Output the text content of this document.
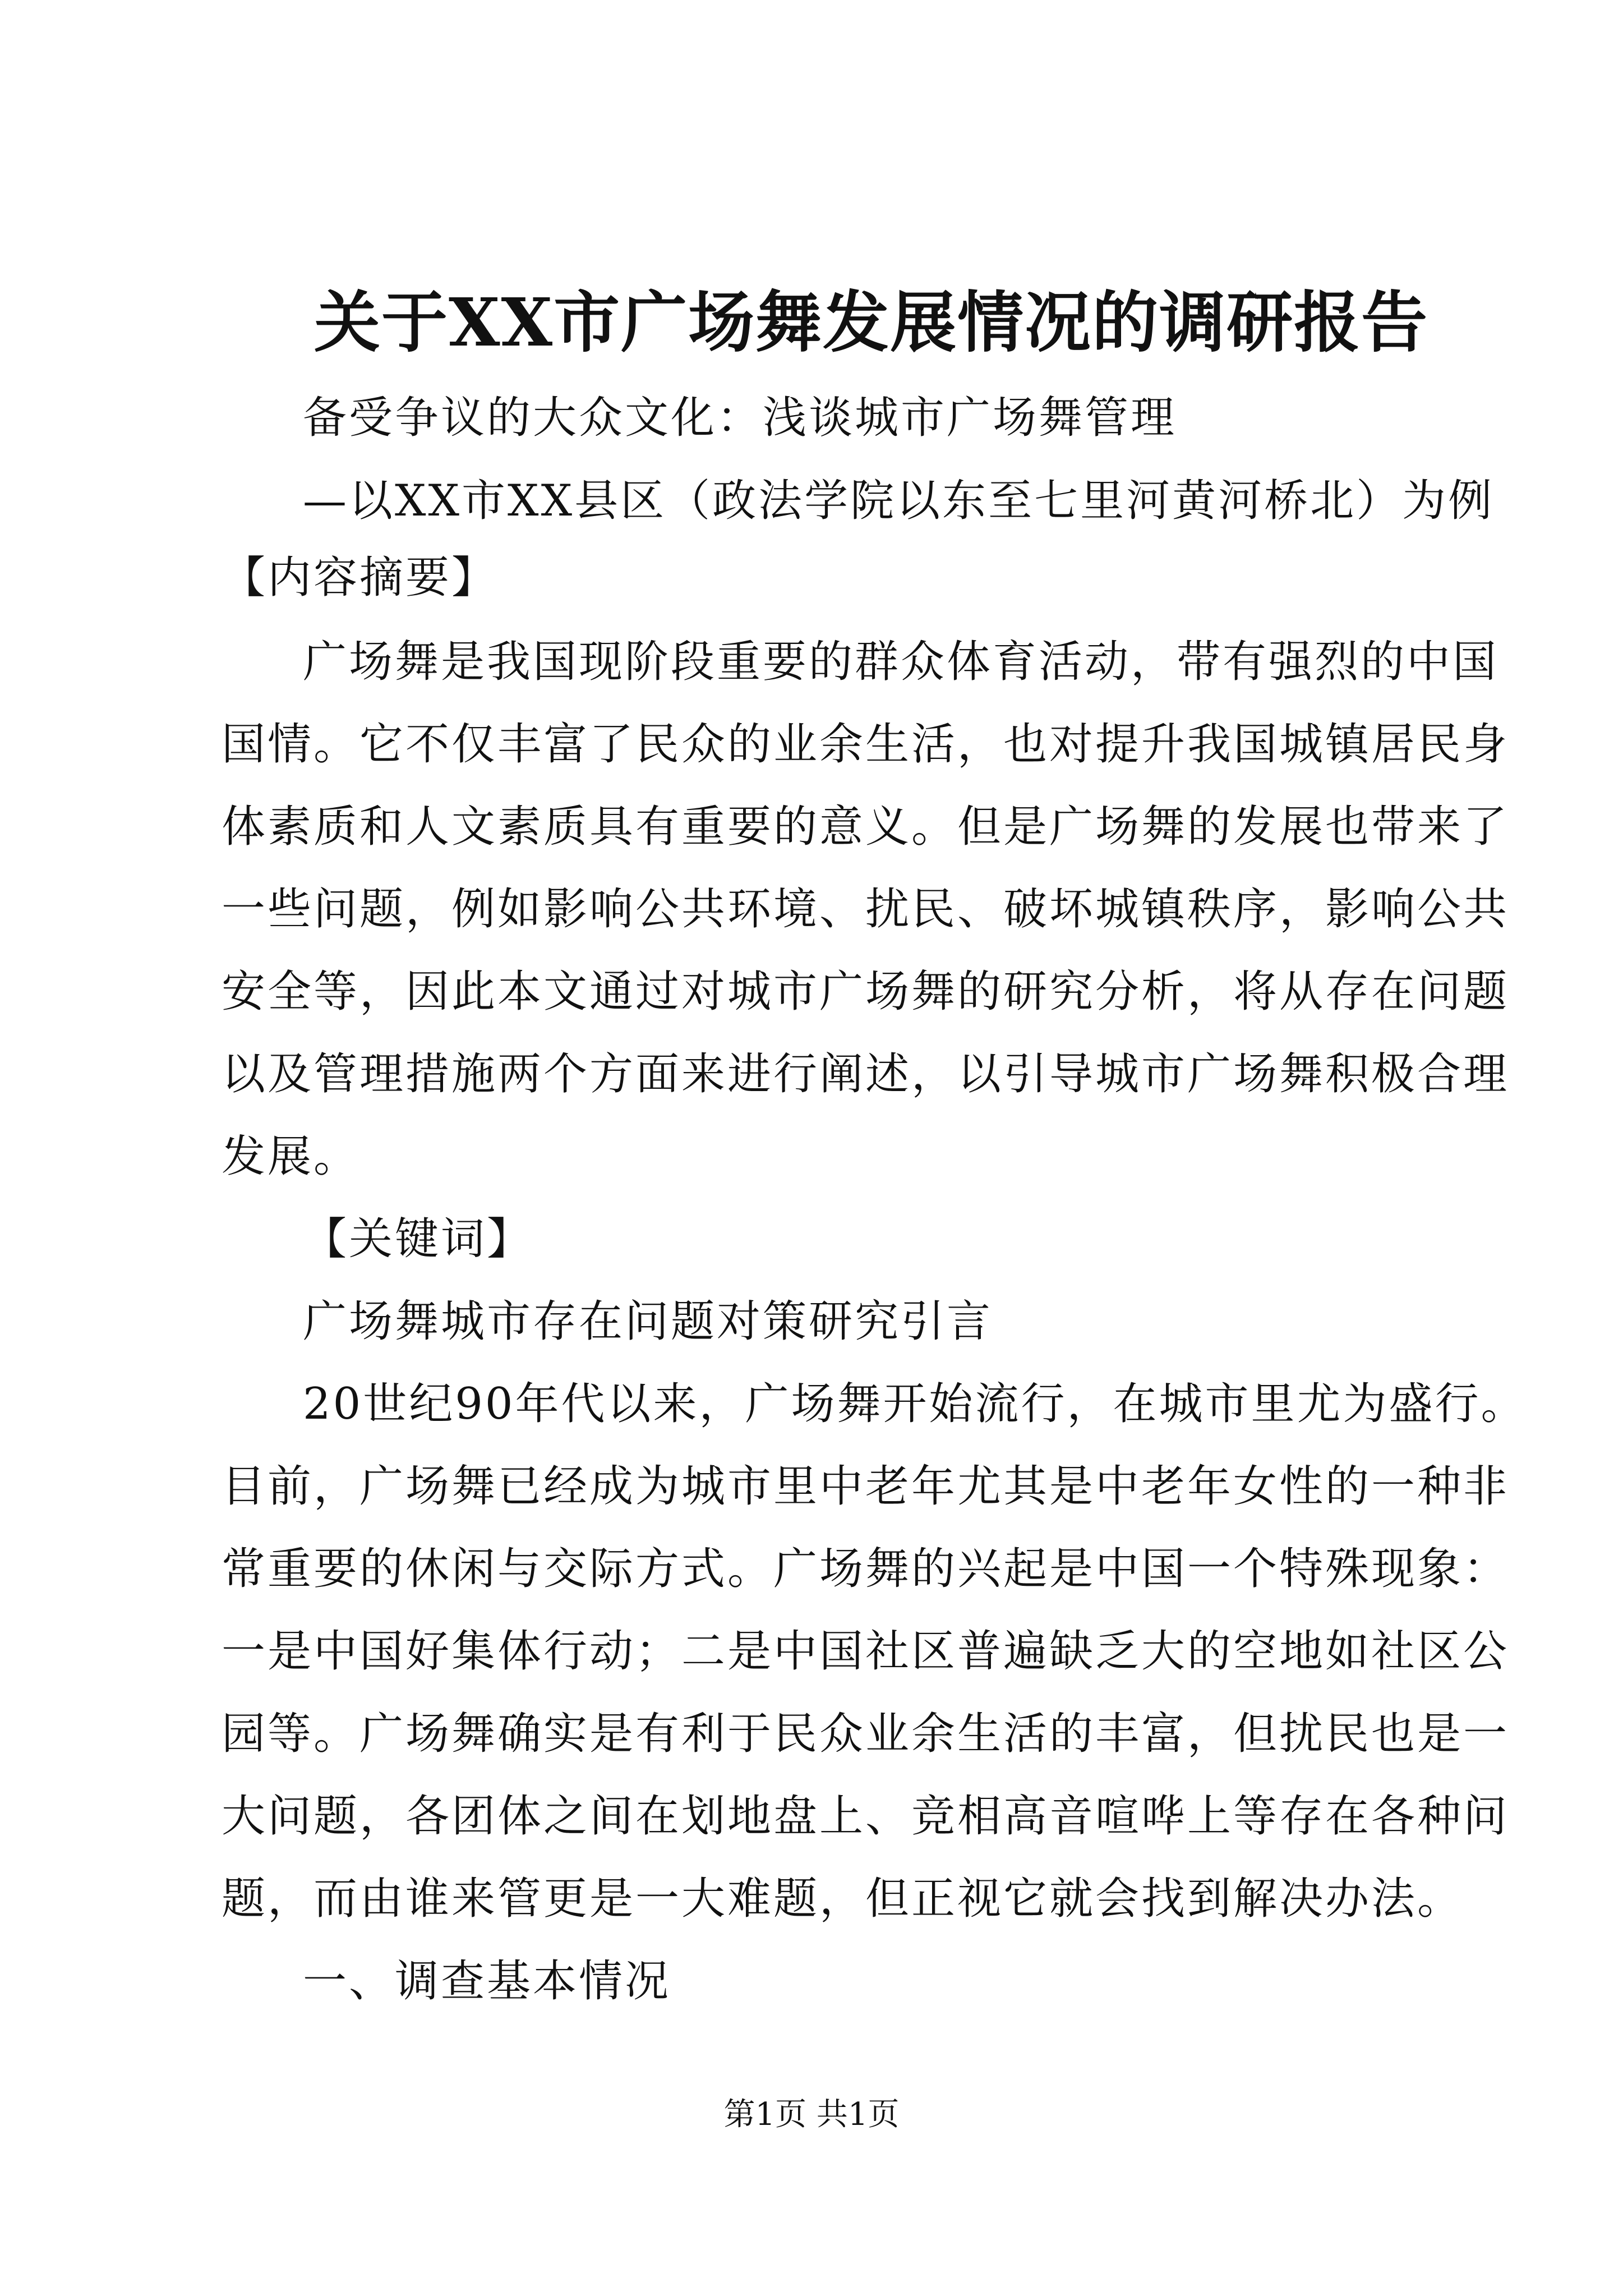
关于XX市广场舞发展情况的调研报告
备受争议的大众文化：浅谈城市广场舞管理
—以XX市XX县区（政法学院以东至七里河黄河桥北）为例
【内容摘要】
广场舞是我国现阶段重要的群众体育活动，带有强烈的中国
国情。它不仅丰富了民众的业余生活，也对提升我国城镇居民身
体素质和人文素质具有重要的意义。但是广场舞的发展也带来了
一些问题，例如影响公共环境、扰民、破坏城镇秩序，影响公共
安全等，因此本文通过对城市广场舞的研究分析，将从存在问题
以及管理措施两个方面来进行阐述，以引导城市广场舞积极合理
发展。
【关键词】
广场舞城市存在问题对策研究引言
20世纪90年代以来，广场舞开始流行，在城市里尤为盛行。
目前，广场舞已经成为城市里中老年尤其是中老年女性的一种非
常重要的休闲与交际方式。广场舞的兴起是中国一个特殊现象：
一是中国好集体行动；二是中国社区普遍缺乏大的空地如社区公
园等。广场舞确实是有利于民众业余生活的丰富，但扰民也是一
大问题，各团体之间在划地盘上、竞相高音喧哗上等存在各种问
题，而由谁来管更是一大难题，但正视它就会找到解决办法。
一、调查基本情况
第1页 共1页
